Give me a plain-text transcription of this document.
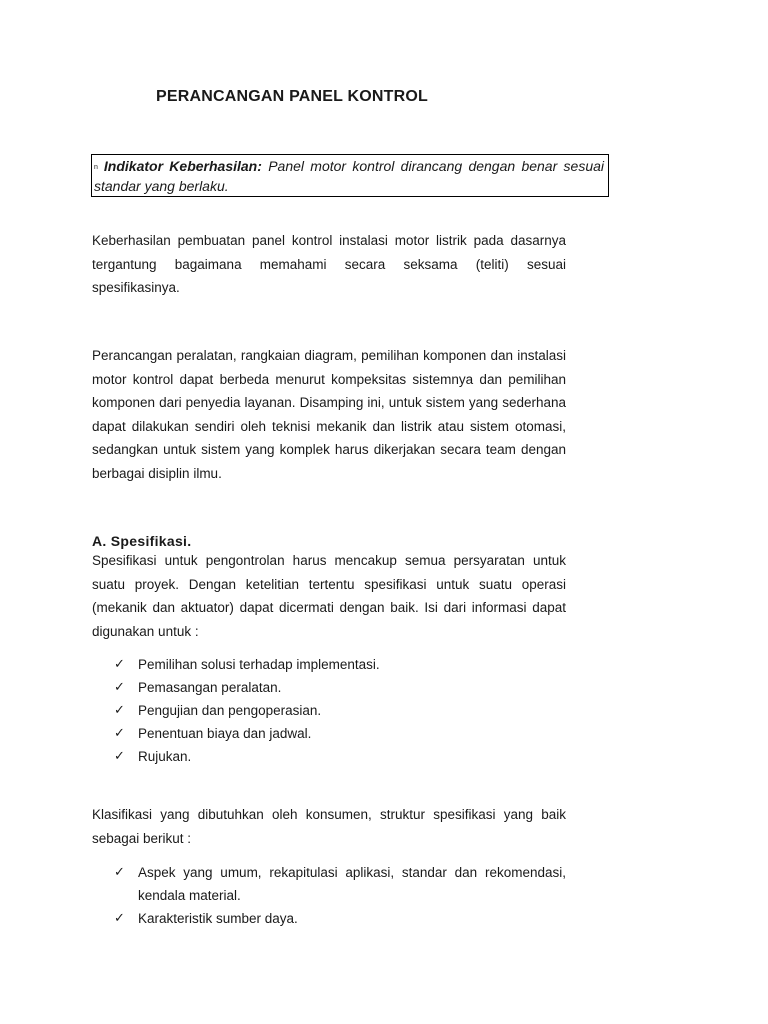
PERANCANGAN PANEL KONTROL
n Indikator Keberhasilan: Panel motor kontrol dirancang dengan benar sesuai standar yang berlaku.

Keberhasilan pembuatan panel kontrol instalasi motor listrik pada dasarnya tergantung bagaimana memahami secara seksama (teliti) sesuai spesifikasinya.

Perancangan peralatan, rangkaian diagram, pemilihan komponen dan instalasi motor kontrol dapat berbeda menurut kompeksitas sistemnya dan pemilihan komponen dari penyedia layanan. Disamping ini, untuk sistem yang sederhana dapat dilakukan sendiri oleh teknisi mekanik dan listrik atau sistem otomasi, sedangkan untuk sistem yang komplek harus dikerjakan secara team dengan berbagai disiplin ilmu.

A. Spesifikasi.

Spesifikasi untuk pengontrolan harus mencakup semua persyaratan untuk suatu proyek. Dengan ketelitian tertentu spesifikasi untuk suatu operasi (mekanik dan aktuator) dapat dicermati dengan baik. Isi dari informasi dapat digunakan untuk :

✓ Pemilihan solusi terhadap implementasi.
✓ Pemasangan peralatan.
✓ Pengujian dan pengoperasian.
✓ Penentuan biaya dan jadwal.
✓ Rujukan.

Klasifikasi yang dibutuhkan oleh konsumen, struktur spesifikasi yang baik sebagai berikut :

✓ Aspek yang umum, rekapitulasi aplikasi, standar dan rekomendasi, kendala material.
✓ Karakteristik sumber daya.
